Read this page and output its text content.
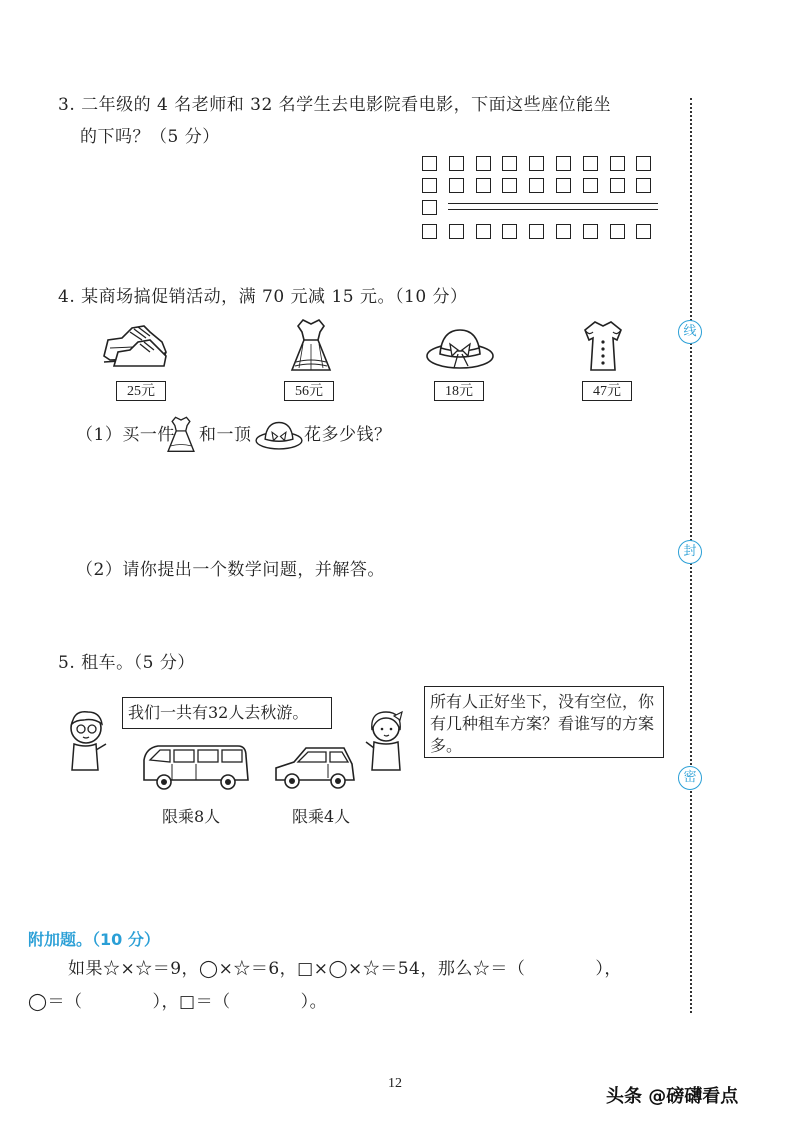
3. 二年级的 4 名老师和 32 名学生去电影院看电影，下面这些座位能坐
的下吗？（5 分）
4. 某商场搞促销活动，满 70 元减 15 元。（10 分）
25元	56元	18元	47元
（1）买一件 和一顶	花多少钱？
（2）请你提出一个数学问题，并解答。
5. 租车。（5 分）
我们一共有32人去秋游。
所有人正好坐下，没有空位，你有几种租车方案？看谁写的方案多。
限乘8人	限乘4人
附加题。（10 分）
如果☆×☆＝9，◯×☆＝6，□×◯×☆＝54，那么☆＝（　　　　），
◯＝（　　　　），□＝（　　　　）。
线
封
密
12
头条 @磅礴看点
